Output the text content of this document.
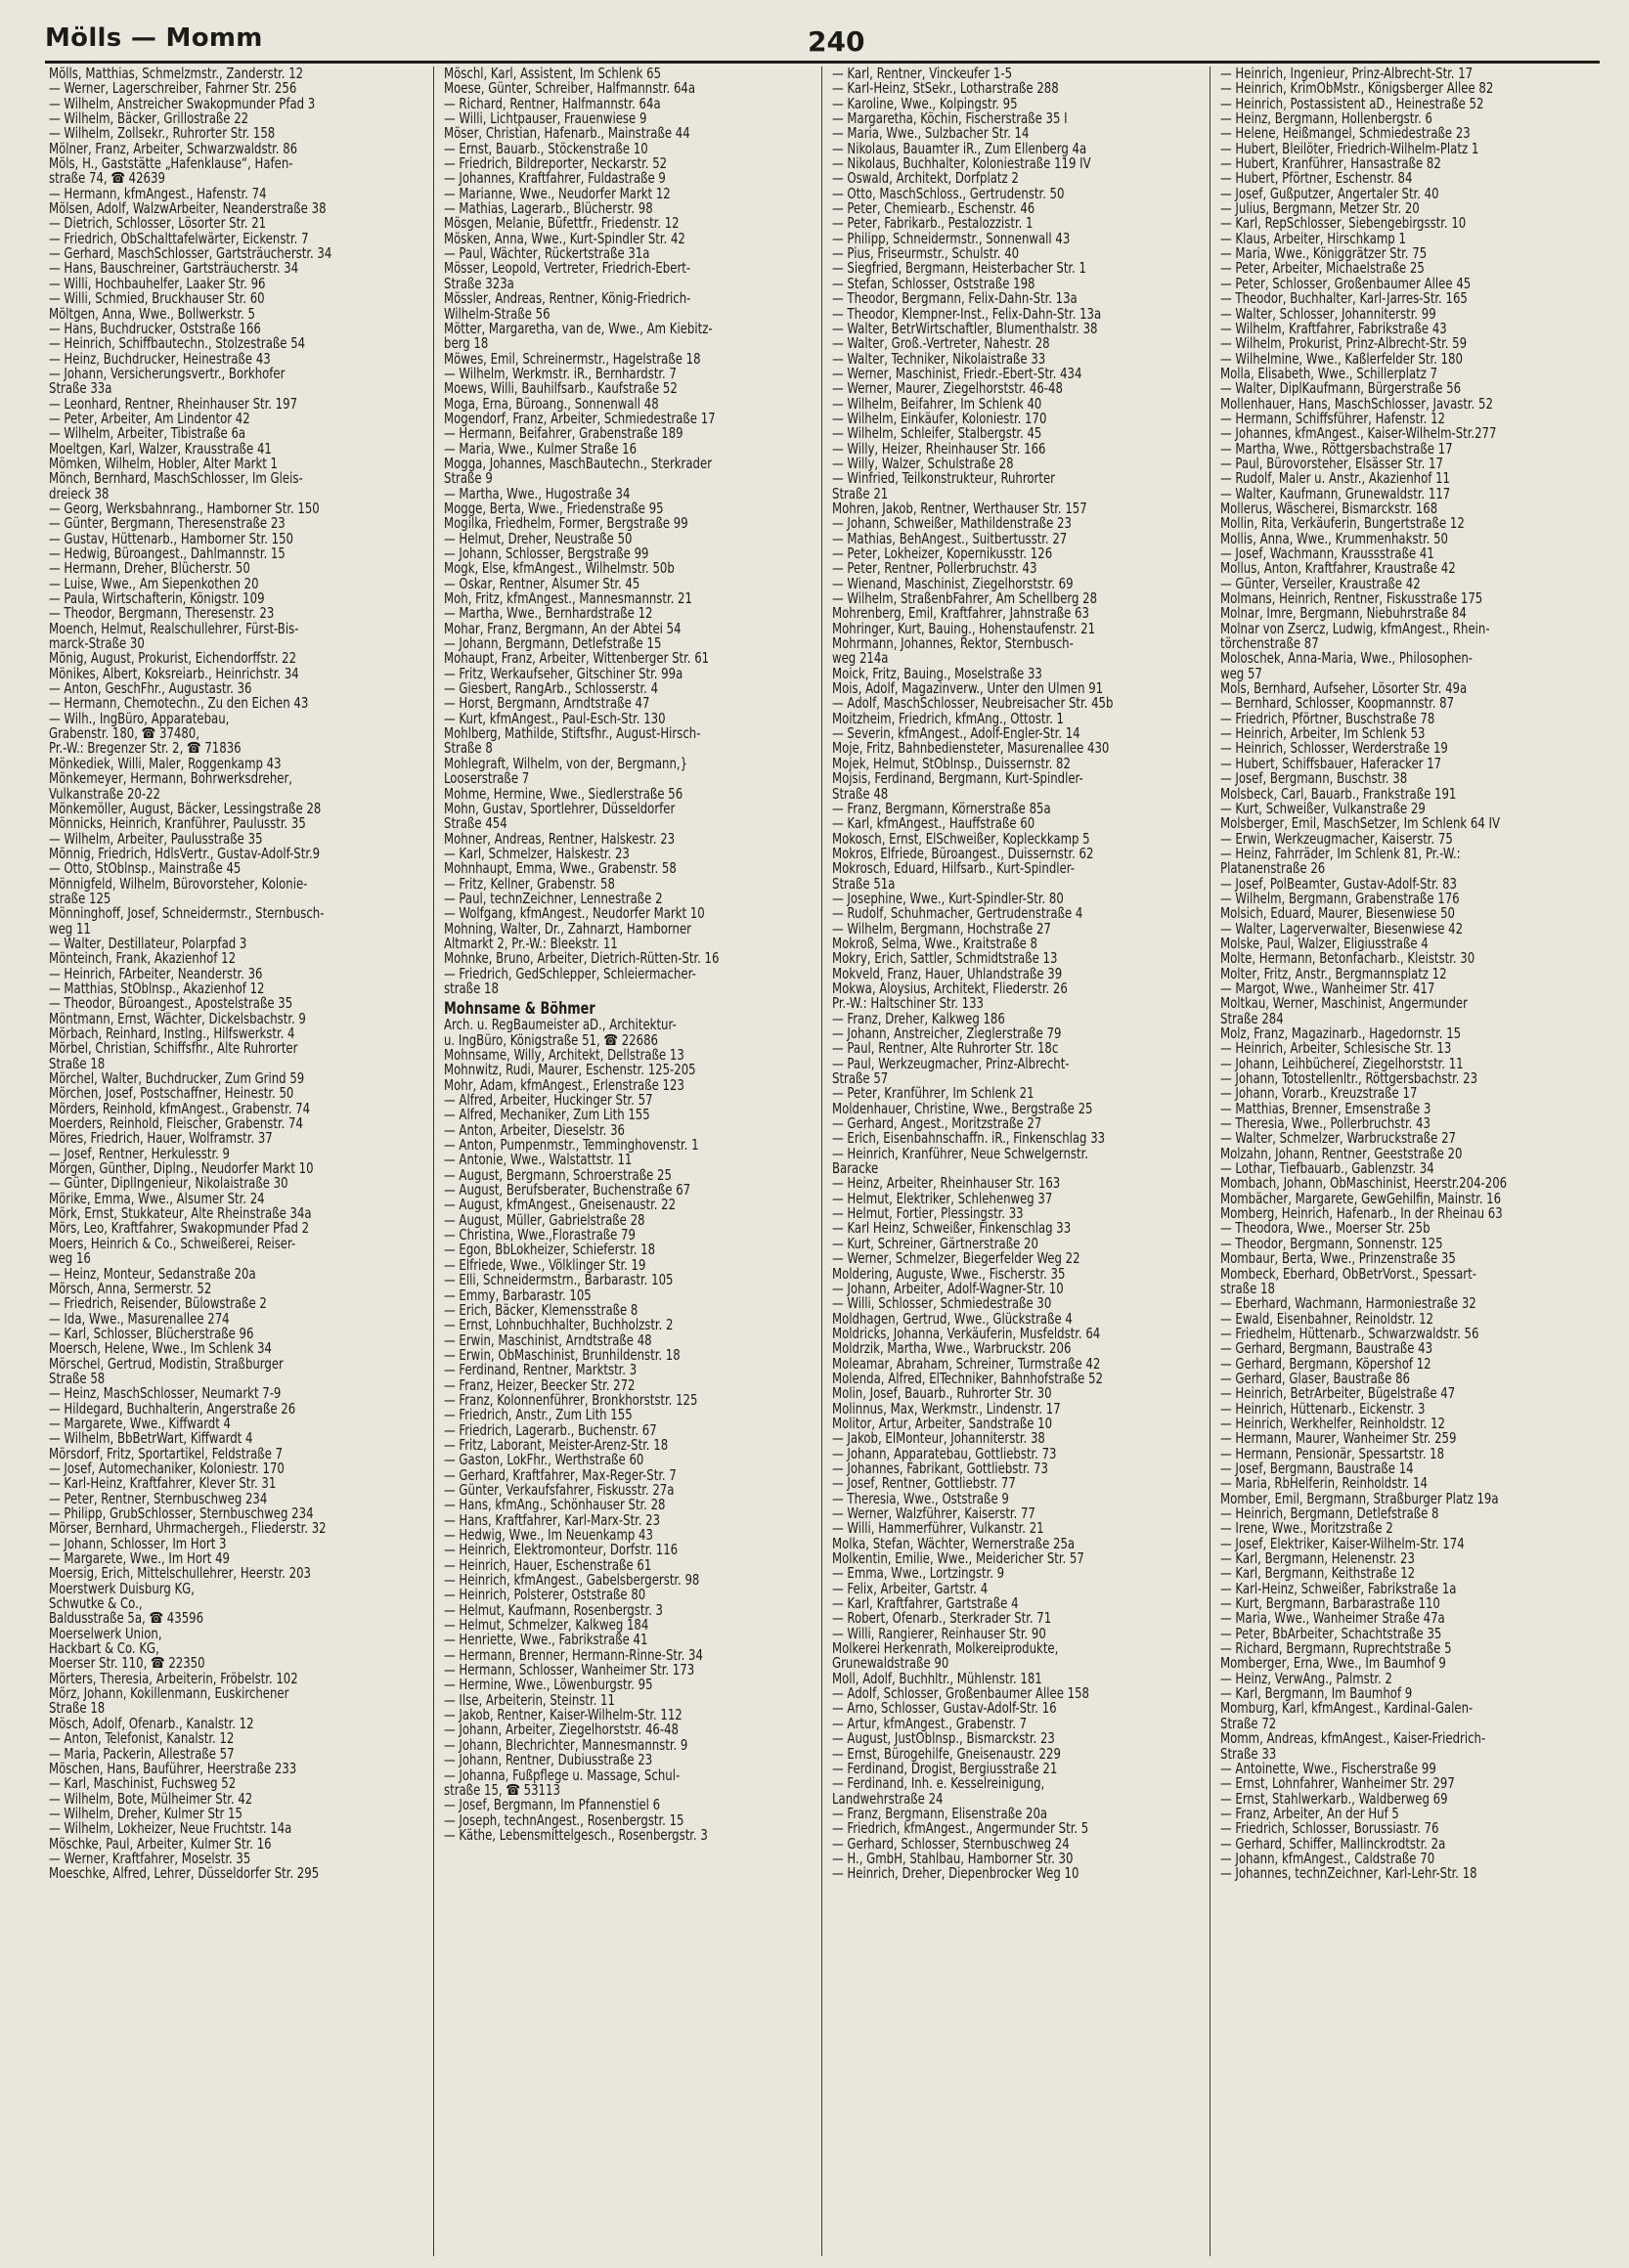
Mölls — Momm	240
Mölls, Matthias, Schmelzmstr., Zanderstr. 12
— Werner, Lagerschreiber, Fahrner Str. 256
— Wilhelm, Anstreicher Swakopmunder Pfad 3
— Wilhelm, Bäcker, Grillostraße 22
— Wilhelm, Zollsekr., Ruhrorter Str. 158
Mölner, Franz, Arbeiter, Schwarzwaldstr. 86
Möls, H., Gaststätte „Hafenklause“, Hafen-
straße 74, ☎ 42639
— Hermann, kfmAngest., Hafenstr. 74
Mölsen, Adolf, WalzwArbeiter, Neanderstraße 38
— Dietrich, Schlosser, Lösorter Str. 21
— Friedrich, ObSchalttafelwärter, Eickenstr. 7
— Gerhard, MaschSchlosser, Gartsträucherstr. 34
— Hans, Bauschreiner, Gartsträucherstr. 34
— Willi, Hochbauhelfer, Laaker Str. 96
— Willi, Schmied, Bruckhauser Str. 60
Möltgen, Anna, Wwe., Bollwerkstr. 5
— Hans, Buchdrucker, Oststraße 166
— Heinrich, Schiffbautechn., Stolzestraße 54
— Heinz, Buchdrucker, Heinestraße 43
— Johann, Versicherungsvertr., Borkhofer
Straße 33a
— Leonhard, Rentner, Rheinhauser Str. 197
— Peter, Arbeiter, Am Lindentor 42
— Wilhelm, Arbeiter, Tibistraße 6a
Moeltgen, Karl, Walzer, Krausstraße 41
Mömken, Wilhelm, Hobler, Alter Markt 1
Mönch, Bernhard, MaschSchlosser, Im Gleis-
dreieck 38
— Georg, Werksbahnrang., Hamborner Str. 150
— Günter, Bergmann, Theresenstraße 23
— Gustav, Hüttenarb., Hamborner Str. 150
— Hedwig, Büroangest., Dahlmannstr. 15
— Hermann, Dreher, Blücherstr. 50
— Luise, Wwe., Am Siepenkothen 20
— Paula, Wirtschafterin, Königstr. 109
— Theodor, Bergmann, Theresenstr. 23
Moench, Helmut, Realschullehrer, Fürst-Bis-
marck-Straße 30
Mönig, August, Prokurist, Eichendorffstr. 22
Mönikes, Albert, Koksreiarb., Heinrichstr. 34
— Anton, GeschFhr., Augustastr. 36
— Hermann, Chemotechn., Zu den Eichen 43
— Wilh., IngBüro, Apparatebau,
Grabenstr. 180, ☎ 37480,
Pr.-W.: Bregenzer Str. 2, ☎ 71836
Mönkediek, Willi, Maler, Roggenkamp 43
Mönkemeyer, Hermann, Bohrwerksdreher,
Vulkanstraße 20-22
Mönkemöller, August, Bäcker, Lessingstraße 28
Mönnicks, Heinrich, Kranführer, Paulusstr. 35
— Wilhelm, Arbeiter, Paulusstraße 35
Mönnig, Friedrich, HdlsVertr., Gustav-Adolf-Str.9
— Otto, StOblnsp., Mainstraße 45
Mönnigfeld, Wilhelm, Bürovorsteher, Kolonie-
straße 125
Mönninghoff, Josef, Schneidermstr., Sternbusch-
weg 11
— Walter, Destillateur, Polarpfad 3
Mönteinch, Frank, Akazienhof 12
— Heinrich, FArbeiter, Neanderstr. 36
— Matthias, StOblnsp., Akazienhof 12
— Theodor, Büroangest., Apostelstraße 35
Möntmann, Ernst, Wächter, Dickelsbachstr. 9
Mörbach, Reinhard, Instlng., Hilfswerkstr. 4
Mörbel, Christian, Schiffsfhr., Alte Ruhrorter
Straße 18
Mörchel, Walter, Buchdrucker, Zum Grind 59
Mörchen, Josef, Postschaffner, Heinestr. 50
Mörders, Reinhold, kfmAngest., Grabenstr. 74
Moerders, Reinhold, Fleischer, Grabenstr. 74
Möres, Friedrich, Hauer, Wolframstr. 37
— Josef, Rentner, Herkulesstr. 9
Mörgen, Günther, Diplng., Neudorfer Markt 10
— Günter, DiplIngenieur, Nikolaistraße 30
Mörike, Emma, Wwe., Alsumer Str. 24
Mörk, Ernst, Stukkateur, Alte Rheinstraße 34a
Mörs, Leo, Kraftfahrer, Swakopmunder Pfad 2
Moers, Heinrich & Co., Schweißerei, Reiser-
weg 16
— Heinz, Monteur, Sedanstraße 20a
Mörsch, Anna, Sermerstr. 52
— Friedrich, Reisender, Bülowstraße 2
— Ida, Wwe., Masurenallee 274
— Karl, Schlosser, Blücherstraße 96
Moersch, Helene, Wwe., Im Schlenk 34
Mörschel, Gertrud, Modistin, Straßburger
Straße 58
— Heinz, MaschSchlosser, Neumarkt 7-9
— Hildegard, Buchhalterin, Angerstraße 26
— Margarete, Wwe., Kiffwardt 4
— Wilhelm, BbBetrWart, Kiffwardt 4
Mörsdorf, Fritz, Sportartikel, Feldstraße 7
— Josef, Automechaniker, Koloniestr. 170
— Karl-Heinz, Kraftfahrer, Klever Str. 31
— Peter, Rentner, Sternbuschweg 234
— Philipp, GrubSchlosser, Sternbuschweg 234
Mörser, Bernhard, Uhrmachergeh., Fliederstr. 32
— Johann, Schlosser, Im Hort 3
— Margarete, Wwe., Im Hort 49
Moersig, Erich, Mittelschullehrer, Heerstr. 203
Moerstwerk Duisburg KG,
Schwutke & Co.,
Baldusstraße 5a, ☎ 43596
Moerselwerk Union,
Hackbart & Co. KG,
Moerser Str. 110, ☎ 22350
Mörters, Theresia, Arbeiterin, Fröbelstr. 102
Mörz, Johann, Kokillenmann, Euskirchener
Straße 18
Mösch, Adolf, Ofenarb., Kanalstr. 12
— Anton, Telefonist, Kanalstr. 12
— Maria, Packerin, Allestraße 57
Möschen, Hans, Bauführer, Heerstraße 233
— Karl, Maschinist, Fuchsweg 52
— Wilhelm, Bote, Mülheimer Str. 42
— Wilhelm, Dreher, Kulmer Str 15
— Wilhelm, Lokheizer, Neue Fruchtstr. 14a
Möschke, Paul, Arbeiter, Kulmer Str. 16
— Werner, Kraftfahrer, Moselstr. 35
Moeschke, Alfred, Lehrer, Düsseldorfer Str. 295
Möschl, Karl, Assistent, Im Schlenk 65
Moese, Günter, Schreiber, Halfmannstr. 64a
— Richard, Rentner, Halfmannstr. 64a
— Willi, Lichtpauser, Frauenwiese 9
Möser, Christian, Hafenarb., Mainstraße 44
— Ernst, Bauarb., Stöckenstraße 10
— Friedrich, Bildreporter, Neckarstr. 52
— Johannes, Kraftfahrer, Fuldastraße 9
— Marianne, Wwe., Neudorfer Markt 12
— Mathias, Lagerarb., Blücherstr. 98
Mösgen, Melanie, Büfettfr., Friedenstr. 12
Mösken, Anna, Wwe., Kurt-Spindler Str. 42
— Paul, Wächter, Rückertstraße 31a
Mösser, Leopold, Vertreter, Friedrich-Ebert-
Straße 323a
Mössler, Andreas, Rentner, König-Friedrich-
Wilhelm-Straße 56
Mötter, Margaretha, van de, Wwe., Am Kiebitz-
berg 18
Möwes, Emil, Schreinermstr., Hagelstraße 18
— Wilhelm, Werkmstr. iR., Bernhardstr. 7
Moews, Willi, Bauhilfsarb., Kaufstraße 52
Moga, Erna, Büroang., Sonnenwall 48
Mogendorf, Franz, Arbeiter, Schmiedestraße 17
— Hermann, Beifahrer, Grabenstraße 189
— Maria, Wwe., Kulmer Straße 16
Mogga, Johannes, MaschBautechn., Sterkrader
Straße 9
— Martha, Wwe., Hugostraße 34
Mogge, Berta, Wwe., Friedenstraße 95
Mogilka, Friedhelm, Former, Bergstraße 99
— Helmut, Dreher, Neustraße 50
— Johann, Schlosser, Bergstraße 99
Mogk, Else, kfmAngest., Wilhelmstr. 50b
— Oskar, Rentner, Alsumer Str. 45
Moh, Fritz, kfmAngest., Mannesmannstr. 21
— Martha, Wwe., Bernhardstraße 12
Mohar, Franz, Bergmann, An der Abtei 54
— Johann, Bergmann, Detlefstraße 15
Mohaupt, Franz, Arbeiter, Wittenberger Str. 61
— Fritz, Werkaufseher, Gitschiner Str. 99a
— Giesbert, RangArb., Schlosserstr. 4
— Horst, Bergmann, Arndtstraße 47
— Kurt, kfmAngest., Paul-Esch-Str. 130
Mohlberg, Mathilde, Stiftsfhr., August-Hirsch-
Straße 8
Mohlegraft, Wilhelm, von der, Bergmann,}
Looserstraße 7
Mohme, Hermine, Wwe., Siedlerstraße 56
Mohn, Gustav, Sportlehrer, Düsseldorfer
Straße 454
Mohner, Andreas, Rentner, Halskestr. 23
— Karl, Schmelzer, Halskestr. 23
Mohnhaupt, Emma, Wwe., Grabenstr. 58
— Fritz, Kellner, Grabenstr. 58
— Paul, technZeichner, Lennestraße 2
— Wolfgang, kfmAngest., Neudorfer Markt 10
Mohning, Walter, Dr., Zahnarzt, Hamborner
Altmarkt 2, Pr.-W.: Bleekstr. 11
Mohnke, Bruno, Arbeiter, Dietrich-Rütten-Str. 16
— Friedrich, GedSchlepper, Schleiermacher-
straße 18
Mohnsame & Böhmer
Arch. u. RegBaumeister aD., Architektur-
u. IngBüro, Königstraße 51, ☎ 22686
Mohnsame, Willy, Architekt, Dellstraße 13
Mohnwitz, Rudi, Maurer, Eschenstr. 125-205
Mohr, Adam, kfmAngest., Erlenstraße 123
— Alfred, Arbeiter, Huckinger Str. 57
— Alfred, Mechaniker, Zum Lith 155
— Anton, Arbeiter, Dieselstr. 36
— Anton, Pumpenmstr., Temminghovenstr. 1
— Antonie, Wwe., Walstattstr. 11
— August, Bergmann, Schroerstraße 25
— August, Berufsberater, Buchenstraße 67
— August, kfmAngest., Gneisenaustr. 22
— August, Müller, Gabrielstraße 28
— Christina, Wwe.,Florastraße 79
— Egon, BbLokheizer, Schieferstr. 18
— Elfriede, Wwe., Völklinger Str. 19
— Elli, Schneidermstrn., Barbarastr. 105
— Emmy, Barbarastr. 105
— Erich, Bäcker, Klemensstraße 8
— Ernst, Lohnbuchhalter, Buchholzstr. 2
— Erwin, Maschinist, Arndtstraße 48
— Erwin, ObMaschinist, Brunhildenstr. 18
— Ferdinand, Rentner, Marktstr. 3
— Franz, Heizer, Beecker Str. 272
— Franz, Kolonnenführer, Bronkhorststr. 125
— Friedrich, Anstr., Zum Lith 155
— Friedrich, Lagerarb., Buchenstr. 67
— Fritz, Laborant, Meister-Arenz-Str. 18
— Gaston, LokFhr., Werthstraße 60
— Gerhard, Kraftfahrer, Max-Reger-Str. 7
— Günter, Verkaufsfahrer, Fiskusstr. 27a
— Hans, kfmAng., Schönhauser Str. 28
— Hans, Kraftfahrer, Karl-Marx-Str. 23
— Hedwig, Wwe., Im Neuenkamp 43
— Heinrich, Elektromonteur, Dorfstr. 116
— Heinrich, Hauer, Eschenstraße 61
— Heinrich, kfmAngest., Gabelsbergerstr. 98
— Heinrich, Polsterer, Oststraße 80
— Helmut, Kaufmann, Rosenbergstr. 3
— Helmut, Schmelzer, Kalkweg 184
— Henriette, Wwe., Fabrikstraße 41
— Hermann, Brenner, Hermann-Rinne-Str. 34
— Hermann, Schlosser, Wanheimer Str. 173
— Hermine, Wwe., Löwenburgstr. 95
— Ilse, Arbeiterin, Steinstr. 11
— Jakob, Rentner, Kaiser-Wilhelm-Str. 112
— Johann, Arbeiter, Ziegelhorststr. 46-48
— Johann, Blechrichter, Mannesmannstr. 9
— Johann, Rentner, Dubiusstraße 23
— Johanna, Fußpflege u. Massage, Schul-
straße 15, ☎ 53113
— Josef, Bergmann, Im Pfannenstiel 6
— Joseph, technAngest., Rosenbergstr. 15
— Käthe, Lebensmittelgesch., Rosenbergstr. 3
— Karl, Rentner, Vinckeufer 1-5
— Karl-Heinz, StSekr., Lotharstraße 288
— Karoline, Wwe., Kolpingstr. 95
— Margaretha, Köchin, Fischerstraße 35 I
— Maria, Wwe., Sulzbacher Str. 14
— Nikolaus, Bauamter iR., Zum Ellenberg 4a
— Nikolaus, Buchhalter, Koloniestraße 119 IV
— Oswald, Architekt, Dorfplatz 2
— Otto, MaschSchloss., Gertrudenstr. 50
— Peter, Chemiearb., Eschenstr. 46
— Peter, Fabrikarb., Pestalozzistr. 1
— Philipp, Schneidermstr., Sonnenwall 43
— Pius, Friseurmstr., Schulstr. 40
— Siegfried, Bergmann, Heisterbacher Str. 1
— Stefan, Schlosser, Oststraße 198
— Theodor, Bergmann, Felix-Dahn-Str. 13a
— Theodor, Klempner-Inst., Felix-Dahn-Str. 13a
— Walter, BetrWirtschaftler, Blumenthalstr. 38
— Walter, Groß.-Vertreter, Nahestr. 28
— Walter, Techniker, Nikolaistraße 33
— Werner, Maschinist, Friedr.-Ebert-Str. 434
— Werner, Maurer, Ziegelhorststr. 46-48
— Wilhelm, Beifahrer, Im Schlenk 40
— Wilhelm, Einkäufer, Koloniestr. 170
— Wilhelm, Schleifer, Stalbergstr. 45
— Willy, Heizer, Rheinhauser Str. 166
— Willy, Walzer, Schulstraße 28
— Winfried, Teilkonstrukteur, Ruhrorter
Straße 21
Mohren, Jakob, Rentner, Werthauser Str. 157
— Johann, Schweißer, Mathildenstraße 23
— Mathias, BehAngest., Suitbertusstr. 27
— Peter, Lokheizer, Kopernikusstr. 126
— Peter, Rentner, Pollerbruchstr. 43
— Wienand, Maschinist, Ziegelhorststr. 69
— Wilhelm, StraßenbFahrer, Am Schellberg 28
Mohrenberg, Emil, Kraftfahrer, Jahnstraße 63
Mohringer, Kurt, Bauing., Hohenstaufenstr. 21
Mohrmann, Johannes, Rektor, Sternbusch-
weg 214a
Moick, Fritz, Bauing., Moselstraße 33
Mois, Adolf, Magazinverw., Unter den Ulmen 91
— Adolf, MaschSchlosser, Neubreisacher Str. 45b
Moitzheim, Friedrich, kfmAng., Ottostr. 1
— Severin, kfmAngest., Adolf-Engler-Str. 14
Moje, Fritz, Bahnbediensteter, Masurenallee 430
Mojek, Helmut, StOblnsp., Duissernstr. 82
Mojsis, Ferdinand, Bergmann, Kurt-Spindler-
Straße 48
— Franz, Bergmann, Körnerstraße 85a
— Karl, kfmAngest., Hauffstraße 60
Mokosch, Ernst, ElSchweißer, Kopleckkamp 5
Mokros, Elfriede, Büroangest., Duissernstr. 62
Mokrosch, Eduard, Hilfsarb., Kurt-Spindler-
Straße 51a
— Josephine, Wwe., Kurt-Spindler-Str. 80
— Rudolf, Schuhmacher, Gertrudenstraße 4
— Wilhelm, Bergmann, Hochstraße 27
Mokroß, Selma, Wwe., Kraitstraße 8
Mokry, Erich, Sattler, Schmidtstraße 13
Mokveld, Franz, Hauer, Uhlandstraße 39
Mokwa, Aloysius, Architekt, Fliederstr. 26
Pr.-W.: Haltschiner Str. 133
— Franz, Dreher, Kalkweg 186
— Johann, Anstreicher, Zieglerstraße 79
— Paul, Rentner, Alte Ruhrorter Str. 18c
— Paul, Werkzeugmacher, Prinz-Albrecht-
Straße 57
— Peter, Kranführer, Im Schlenk 21
Moldenhauer, Christine, Wwe., Bergstraße 25
— Gerhard, Angest., Moritzstraße 27
— Erich, Eisenbahnschaffn. iR., Finkenschlag 33
— Heinrich, Kranführer, Neue Schwelgernstr.
Baracke
— Heinz, Arbeiter, Rheinhauser Str. 163
— Helmut, Elektriker, Schlehenweg 37
— Helmut, Fortier, Plessingstr. 33
— Karl Heinz, Schweißer, Finkenschlag 33
— Kurt, Schreiner, Gärtnerstraße 20
— Werner, Schmelzer, Biegerfelder Weg 22
Moldering, Auguste, Wwe., Fischerstr. 35
— Johann, Arbeiter, Adolf-Wagner-Str. 10
— Willi, Schlosser, Schmiedestraße 30
Moldhagen, Gertrud, Wwe., Glückstraße 4
Moldricks, Johanna, Verkäuferin, Musfeldstr. 64
Moldrzik, Martha, Wwe., Warbruckstr. 206
Moleamar, Abraham, Schreiner, Turmstraße 42
Molenda, Alfred, ElTechniker, Bahnhofstraße 52
Molin, Josef, Bauarb., Ruhrorter Str. 30
Molinnus, Max, Werkmstr., Lindenstr. 17
Molitor, Artur, Arbeiter, Sandstraße 10
— Jakob, ElMonteur, Johanniterstr. 38
— Johann, Apparatebau, Gottliebstr. 73
— Johannes, Fabrikant, Gottliebstr. 73
— Josef, Rentner, Gottliebstr. 77
— Theresia, Wwe., Oststraße 9
— Werner, Walzführer, Kaiserstr. 77
— Willi, Hammerführer, Vulkanstr. 21
Molka, Stefan, Wächter, Wernerstraße 25a
Molkentin, Emilie, Wwe., Meidericher Str. 57
— Emma, Wwe., Lortzingstr. 9
— Felix, Arbeiter, Gartstr. 4
— Karl, Kraftfahrer, Gartstraße 4
— Robert, Ofenarb., Sterkrader Str. 71
— Willi, Rangierer, Reinhauser Str. 90
Molkerei Herkenrath, Molkereiprodukte,
Grunewaldstraße 90
Moll, Adolf, Buchhltr., Mühlenstr. 181
— Adolf, Schlosser, Großenbaumer Allee 158
— Arno, Schlosser, Gustav-Adolf-Str. 16
— Artur, kfmAngest., Grabenstr. 7
— August, JustOblnsp., Bismarckstr. 23
— Ernst, Bürogehilfe, Gneisenaustr. 229
— Ferdinand, Drogist, Bergiusstraße 21
— Ferdinand, Inh. e. Kesselreinigung,
Landwehrstraße 24
— Franz, Bergmann, Elisenstraße 20a
— Friedrich, kfmAngest., Angermunder Str. 5
— Gerhard, Schlosser, Sternbuschweg 24
— H., GmbH, Stahlbau, Hamborner Str. 30
— Heinrich, Dreher, Diepenbrocker Weg 10
— Heinrich, Ingenieur, Prinz-Albrecht-Str. 17
— Heinrich, KrimObMstr., Königsberger Allee 82
— Heinrich, Postassistent aD., Heinestraße 52
— Heinz, Bergmann, Hollenbergstr. 6
— Helene, Heißmangel, Schmiedestraße 23
— Hubert, Bleilöter, Friedrich-Wilhelm-Platz 1
— Hubert, Kranführer, Hansastraße 82
— Hubert, Pförtner, Eschenstr. 84
— Josef, Gußputzer, Angertaler Str. 40
— Julius, Bergmann, Metzer Str. 20
— Karl, RepSchlosser, Siebengebirgsstr. 10
— Klaus, Arbeiter, Hirschkamp 1
— Maria, Wwe., Königgrätzer Str. 75
— Peter, Arbeiter, Michaelstraße 25
— Peter, Schlosser, Großenbaumer Allee 45
— Theodor, Buchhalter, Karl-Jarres-Str. 165
— Walter, Schlosser, Johanniterstr. 99
— Wilhelm, Kraftfahrer, Fabrikstraße 43
— Wilhelm, Prokurist, Prinz-Albrecht-Str. 59
— Wilhelmine, Wwe., Kaßlerfelder Str. 180
Molla, Elisabeth, Wwe., Schillerplatz 7
— Walter, DiplKaufmann, Bürgerstraße 56
Mollenhauer, Hans, MaschSchlosser, Javastr. 52
— Hermann, Schiffsführer, Hafenstr. 12
— Johannes, kfmAngest., Kaiser-Wilhelm-Str.277
— Martha, Wwe., Röttgersbachstraße 17
— Paul, Bürovorsteher, Elsässer Str. 17
— Rudolf, Maler u. Anstr., Akazienhof 11
— Walter, Kaufmann, Grunewaldstr. 117
Mollerus, Wäscherei, Bismarckstr. 168
Mollin, Rita, Verkäuferin, Bungertstraße 12
Mollis, Anna, Wwe., Krummenhakstr. 50
— Josef, Wachmann, Kraussstraße 41
Mollus, Anton, Kraftfahrer, Kraustraße 42
— Günter, Verseiler, Kraustraße 42
Molmans, Heinrich, Rentner, Fiskusstraße 175
Molnar, Imre, Bergmann, Niebuhrstraße 84
Molnar von Zsercz, Ludwig, kfmAngest., Rhein-
törchenstraße 87
Moloschek, Anna-Maria, Wwe., Philosophen-
weg 57
Mols, Bernhard, Aufseher, Lösorter Str. 49a
— Bernhard, Schlosser, Koopmannstr. 87
— Friedrich, Pförtner, Buschstraße 78
— Heinrich, Arbeiter, Im Schlenk 53
— Heinrich, Schlosser, Werderstraße 19
— Hubert, Schiffsbauer, Haferacker 17
— Josef, Bergmann, Buschstr. 38
Molsbeck, Carl, Bauarb., Frankstraße 191
— Kurt, Schweißer, Vulkanstraße 29
Molsberger, Emil, MaschSetzer, Im Schlenk 64 IV
— Erwin, Werkzeugmacher, Kaiserstr. 75
— Heinz, Fahrräder, Im Schlenk 81, Pr.-W.:
Platanenstraße 26
— Josef, PolBeamter, Gustav-Adolf-Str. 83
— Wilhelm, Bergmann, Grabenstraße 176
Molsich, Eduard, Maurer, Biesenwiese 50
— Walter, Lagerverwalter, Biesenwiese 42
Molske, Paul, Walzer, Eligiusstraße 4
Molte, Hermann, Betonfacharb., Kleiststr. 30
Molter, Fritz, Anstr., Bergmannsplatz 12
— Margot, Wwe., Wanheimer Str. 417
Moltkau, Werner, Maschinist, Angermunder
Straße 284
Molz, Franz, Magazinarb., Hagedornstr. 15
— Heinrich, Arbeiter, Schlesische Str. 13
— Johann, Leihbüchereí, Ziegelhorststr. 11
— Johann, Totostellenltr., Röttgersbachstr. 23
— Johann, Vorarb., Kreuzstraße 17
— Matthias, Brenner, Emsenstraße 3
— Theresia, Wwe., Pollerbruchstr. 43
— Walter, Schmelzer, Warbruckstraße 27
Molzahn, Johann, Rentner, Geeststraße 20
— Lothar, Tiefbauarb., Gablenzstr. 34
Mombach, Johann, ObMaschinist, Heerstr.204-206
Mombächer, Margarete, GewGehilfin, Mainstr. 16
Momberg, Heinrich, Hafenarb., In der Rheinau 63
— Theodora, Wwe., Moerser Str. 25b
— Theodor, Bergmann, Sonnenstr. 125
Mombaur, Berta, Wwe., Prinzenstraße 35
Mombeck, Eberhard, ObBetrVorst., Spessart-
straße 18
— Eberhard, Wachmann, Harmoniestraße 32
— Ewald, Eisenbahner, Reinoldstr. 12
— Friedhelm, Hüttenarb., Schwarzwaldstr. 56
— Gerhard, Bergmann, Baustraße 43
— Gerhard, Bergmann, Köpershof 12
— Gerhard, Glaser, Baustraße 86
— Heinrich, BetrArbeiter, Bügelstraße 47
— Heinrich, Hüttenarb., Eickenstr. 3
— Heinrich, Werkhelfer, Reinholdstr. 12
— Hermann, Maurer, Wanheimer Str. 259
— Hermann, Pensionär, Spessartstr. 18
— Josef, Bergmann, Baustraße 14
— Maria, RbHelferin, Reinholdstr. 14
Momber, Emil, Bergmann, Straßburger Platz 19a
— Heinrich, Bergmann, Detlefstraße 8
— Irene, Wwe., Moritzstraße 2
— Josef, Elektriker, Kaiser-Wilhelm-Str. 174
— Karl, Bergmann, Helenenstr. 23
— Karl, Bergmann, Keithstraße 12
— Karl-Heinz, Schweißer, Fabrikstraße 1a
— Kurt, Bergmann, Barbarastraße 110
— Maria, Wwe., Wanheimer Straße 47a
— Peter, BbArbeiter, Schachtstraße 35
— Richard, Bergmann, Ruprechtstraße 5
Momberger, Erna, Wwe., Im Baumhof 9
— Heinz, VerwAng., Palmstr. 2
— Karl, Bergmann, Im Baumhof 9
Momburg, Karl, kfmAngest., Kardinal-Galen-
Straße 72
Momm, Andreas, kfmAngest., Kaiser-Friedrich-
Straße 33
— Antoinette, Wwe., Fischerstraße 99
— Ernst, Lohnfahrer, Wanheimer Str. 297
— Ernst, Stahlwerkarb., Waldberweg 69
— Franz, Arbeiter, An der Huf 5
— Friedrich, Schlosser, Borussiastr. 76
— Gerhard, Schiffer, Mallinckrodtstr. 2a
— Johann, kfmAngest., Caldstraße 70
— Johannes, technZeichner, Karl-Lehr-Str. 18
